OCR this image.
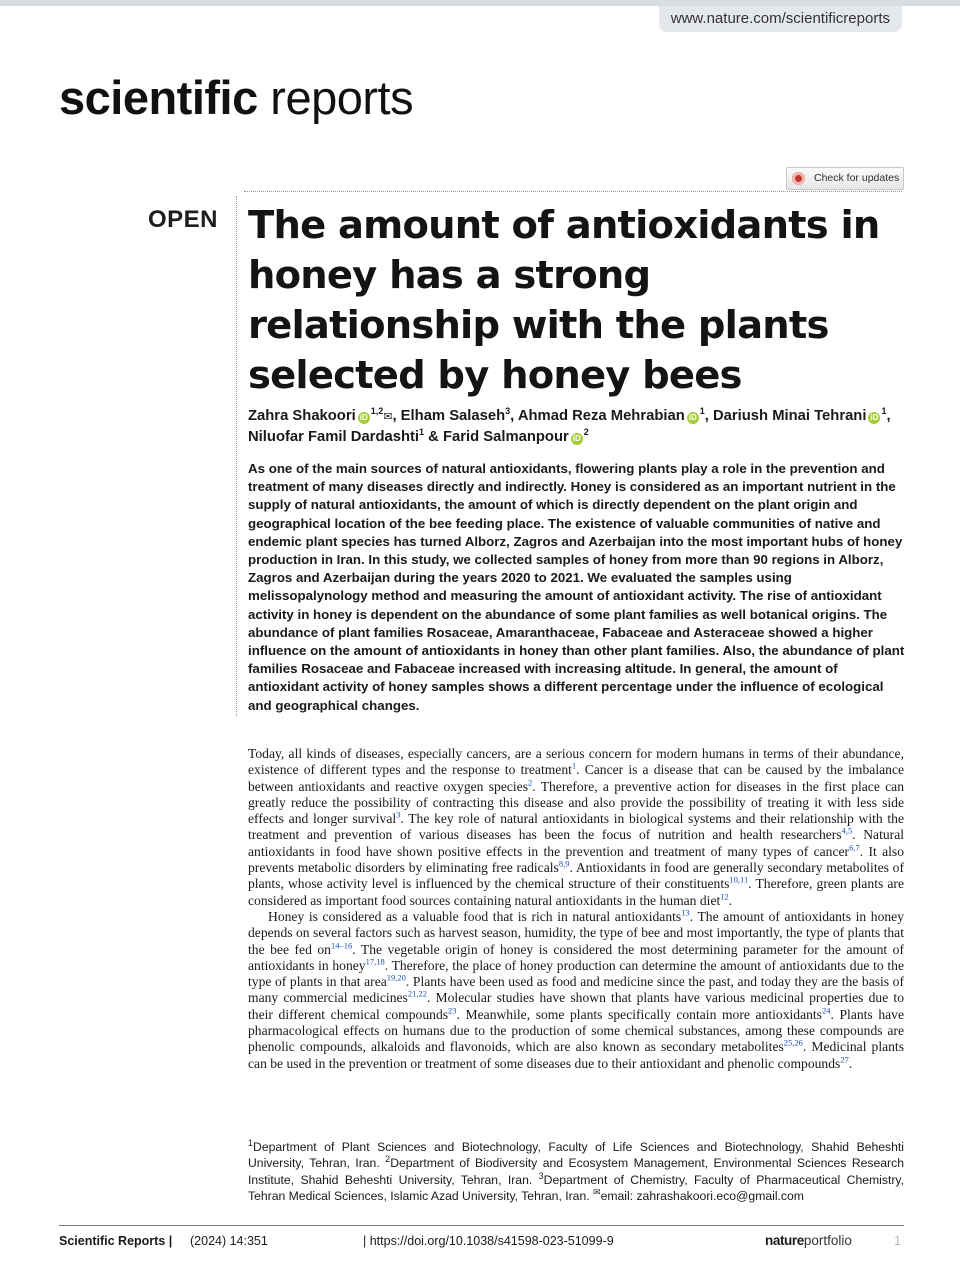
www.nature.com/scientificreports
scientific reports
Check for updates
OPEN The amount of antioxidants in honey has a strong relationship with the plants selected by honey bees

Zahra Shakoori iD$^{1,2}$✉, Elham Salaseh$^3$, Ahmad Reza Mehrabian $iD^1$, Dariush Minai Tehrani $iD^1$,
Niluofar Famil Dardashti$^1$ & Farid Salmanpour $iD^2$

As one of the main sources of natural antioxidants, flowering plants play a role in the prevention and treatment of many diseases directly and indirectly. Honey is considered as an important nutrient in the supply of natural antioxidants, the amount of which is directly dependent on the plant origin and geographical location of the bee feeding place. The existence of valuable communities of native and endemic plant species has turned Alborz, Zagros and Azerbaijan into the most important hubs of honey production in Iran. In this study, we collected samples of honey from more than 90 regions in Alborz, Zagros and Azerbaijan during the years 2020 to 2021. We evaluated the samples using melissopalynology method and measuring the amount of antioxidant activity. The rise of antioxidant activity in honey is dependent on the abundance of some plant families as well botanical origins. The abundance of plant families Rosaceae, Amaranthaceae, Fabaceae and Asteraceae showed a higher influence on the amount of antioxidants in honey than other plant families. Also, the abundance of plant families Rosaceae and Fabaceae increased with increasing altitude. In general, the amount of antioxidant activity of honey samples shows a different percentage under the influence of ecological and geographical changes.

Today, all kinds of diseases, especially cancers, are a serious concern for modern humans in terms of their abundance, existence of different types and the response to treatment$^1$. Cancer is a disease that can be caused by the imbalance between antioxidants and reactive oxygen species$^2$. Therefore, a preventive action for diseases in the first place can greatly reduce the possibility of contracting this disease and also provide the possibility of treating it with less side effects and longer survival$^3$. The key role of natural antioxidants in biological systems and their relationship with the treatment and prevention of various diseases has been the focus of nutrition and health researchers$^{4,5}$. Natural antioxidants in food have shown positive effects in the prevention and treatment of many types of cancer$^{6,7}$. It also prevents metabolic disorders by eliminating free radicals$^{8,9}$. Antioxidants in food are generally secondary metabolites of plants, whose activity level is influenced by the chemical structure of their constituents$^{10,11}$. Therefore, green plants are considered as important food sources containing natural antioxidants in the human diet$^{12}$.

Honey is considered as a valuable food that is rich in natural antioxidants$^{13}$. The amount of antioxidants in honey depends on several factors such as harvest season, humidity, the type of bee and most importantly, the type of plants that the bee fed $on^{14-16}$. The vegetable origin of honey is considered the most determining parameter for the amount of antioxidants in honey$^{17,18}$. Therefore, the place of honey production can determine the amount of antioxidants due to the type of plants in that area$^{19,20}$. Plants have been used as food and medicine since the past, and today they are the basis of many commercial medicines$^{21,22}$. Molecular studies have shown that plants have various medicinal properties due to their different chemical compounds$^{23}$. Meanwhile, some plants specifically contain more antioxidants$^{24}$. Plants have pharmacological effects on humans due to the production of some chemical substances, among these compounds are phenolic compounds, alkaloids and flavonoids, which are also known as secondary metabolites$^{25,26}$. Medicinal plants can be used in the prevention or treatment of some diseases due to their antioxidant and phenolic compounds$^{27}$.

$^1$Department of Plant Sciences and Biotechnology, Faculty of Life Sciences and Biotechnology, Shahid Beheshti University, Tehran, Iran. $^2$Department of Biodiversity and Ecosystem Management, Environmental Sciences Research Institute, Shahid Beheshti University, Tehran, Iran. $^3$Department of Chemistry, Faculty of Pharmaceutical Chemistry, Tehran Medical Sciences, Islamic Azad University, Tehran, Iran. ✉email: zahrashakoori.eco@gmail.com

Scientific Reports | (2024) 14:351	| https://doi.org/10.1038/s41598-023-51099-9	natureportfolio	1
